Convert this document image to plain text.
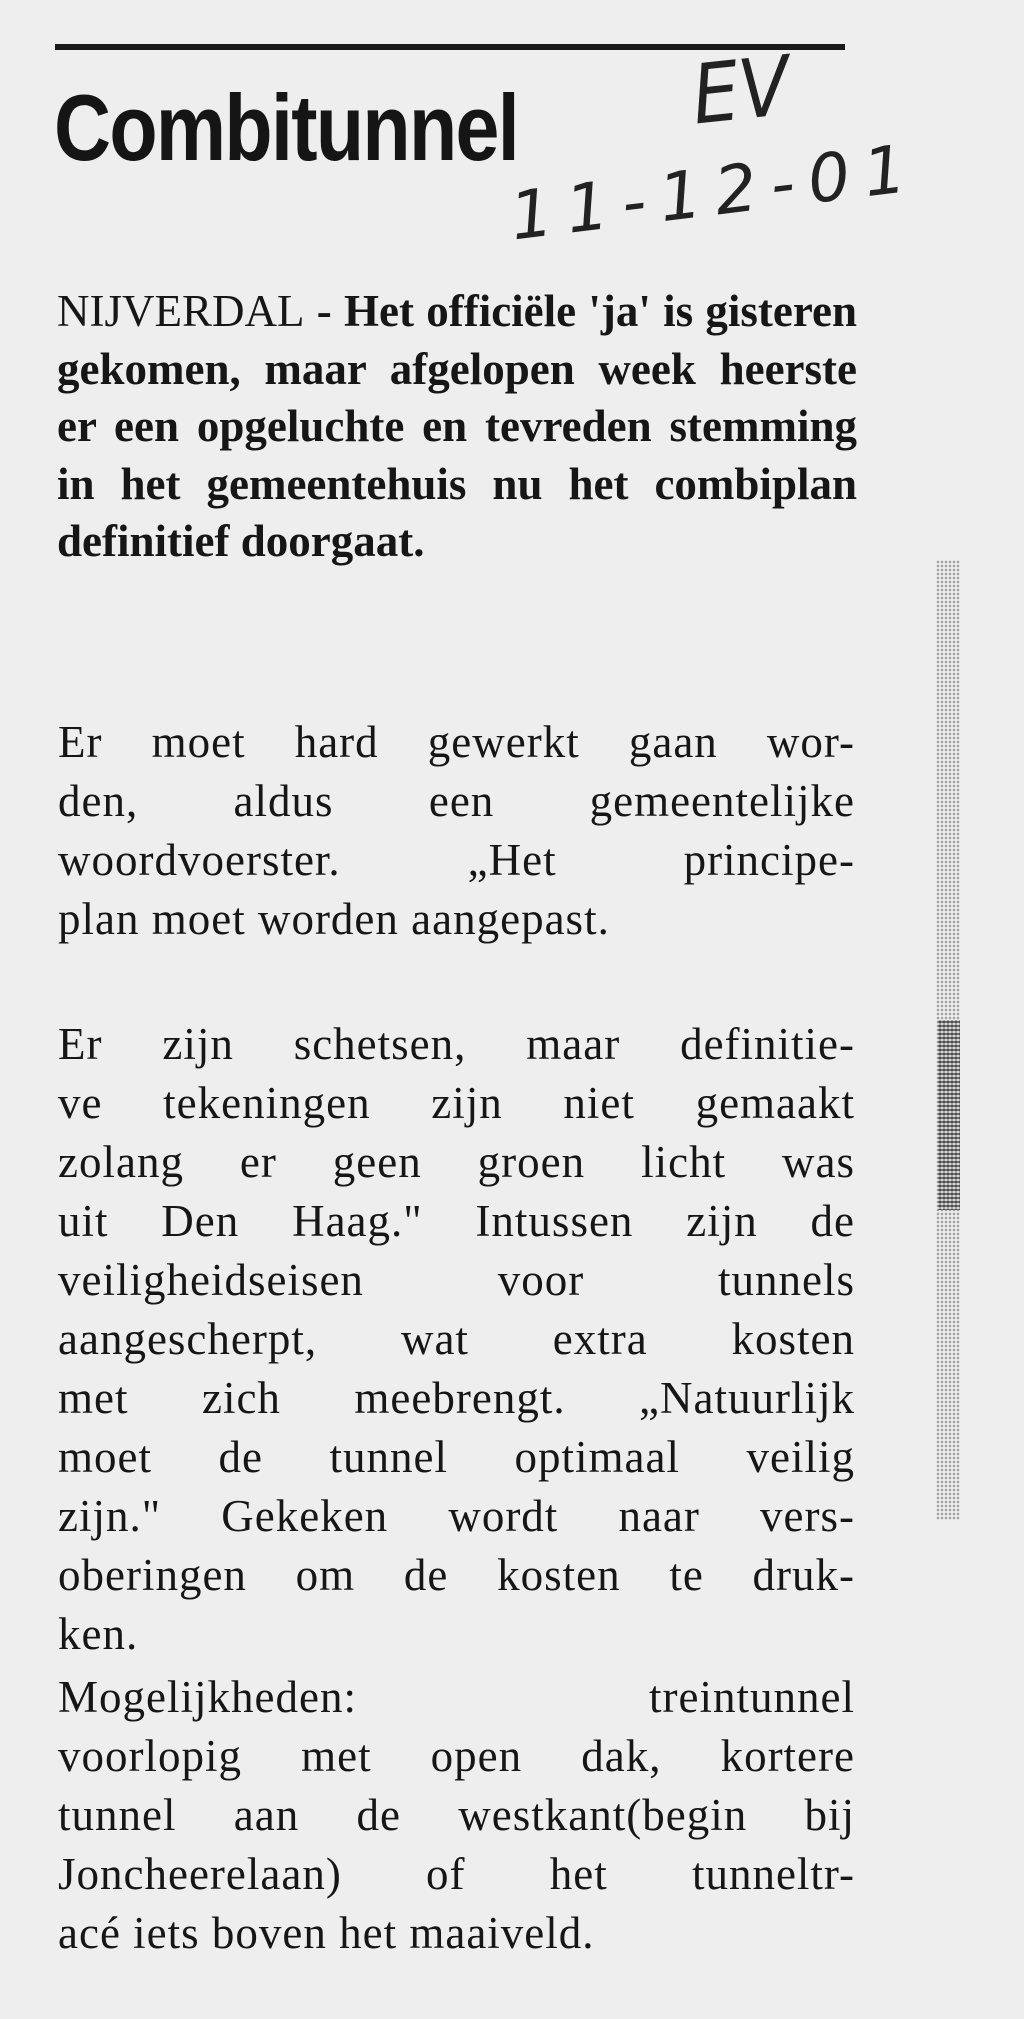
Combitunnel EV
11-12-01

NIJVERDAL - Het officiële 'ja' is gisteren gekomen, maar afgelopen week heerste er een opgeluchte en tevreden stemming in het gemeentehuis nu het combiplan definitief doorgaat.

Er moet hard gewerkt gaan wor-
den, aldus een gemeentelijke
woordvoerster. „Het principe-
plan moet worden aangepast.

Er zijn schetsen, maar definitie-
ve tekeningen zijn niet gemaakt
zolang er geen groen licht was
uit Den Haag." Intussen zijn de
veiligheidseisen voor tunnels
aangescherpt, wat extra kosten
met zich meebrengt. „Natuurlijk
moet de tunnel optimaal veilig
zijn." Gekeken wordt naar vers-
oberingen om de kosten te druk-
ken.

Mogelijkheden: treintunnel
voorlopig met open dak, kortere
tunnel aan de westkant(begin bij
Joncheerelaan) of het tunneltr-
acé iets boven het maaiveld.
